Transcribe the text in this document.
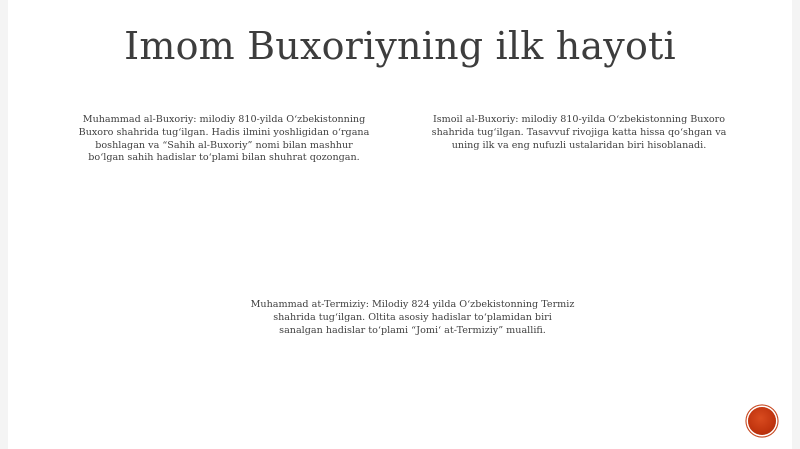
Imom Buxoriyning ilk hayoti

Muhammad al-Buxoriy: milodiy 810-yilda O‘zbekistonning Buxoro shahrida tug‘ilgan. Hadis ilmini yoshligidan o‘rgana boshlagan va “Sahih al-Buxoriy” nomi bilan mashhur bo‘lgan sahih hadislar to‘plami bilan shuhrat qozongan.

Ismoil al-Buxoriy: milodiy 810-yilda O‘zbekistonning Buxoro shahrida tug‘ilgan. Tasavvuf rivojiga katta hissa qo‘shgan va uning ilk va eng nufuzli ustalaridan biri hisoblanadi.

Muhammad at-Termiziy: Milodiy 824 yilda O‘zbekistonning Termiz shahrida tug‘ilgan. Oltita asosiy hadislar to‘plamidan biri sanalgan hadislar to‘plami “Jomi‘ at-Termiziy” muallifi.
